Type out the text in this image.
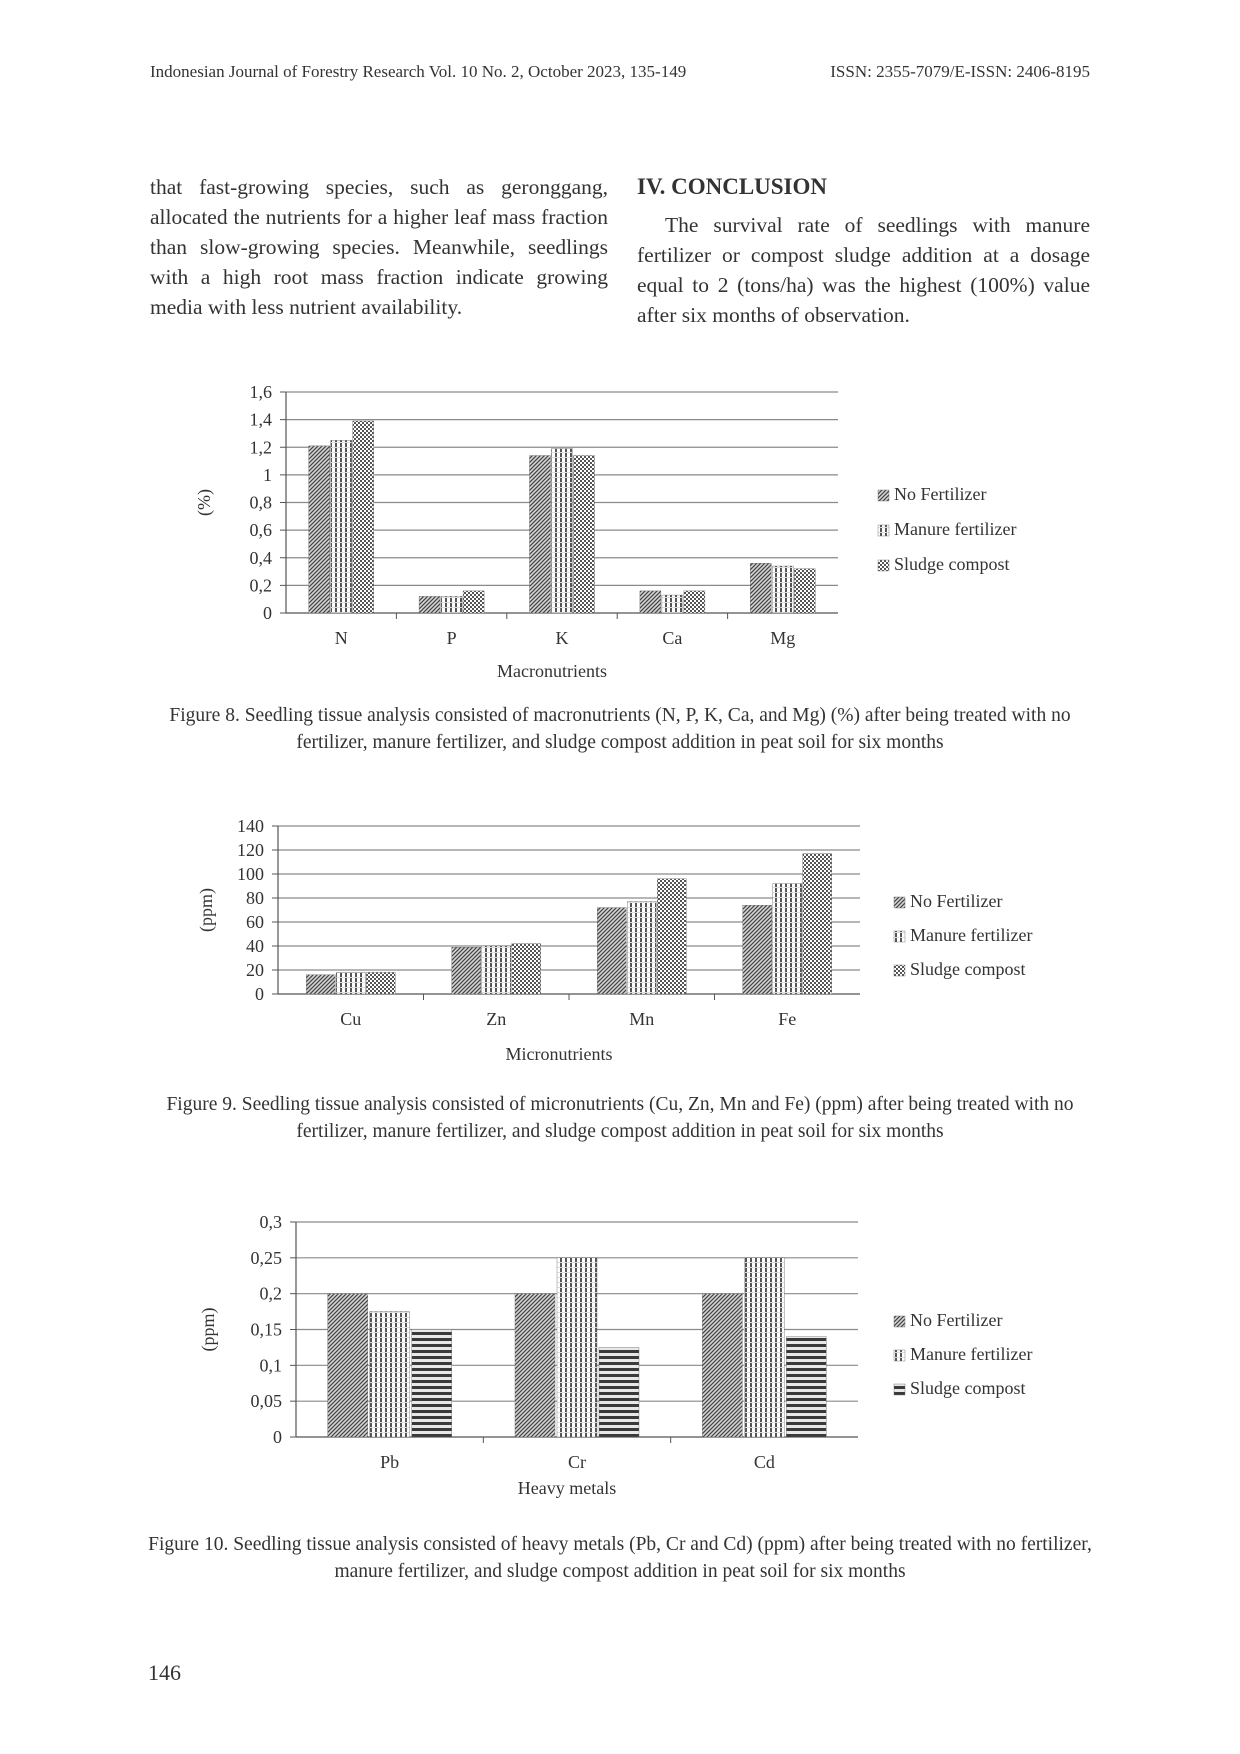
Indonesian Journal of Forestry Research Vol. 10 No. 2, October 2023, 135-149	ISSN: 2355-7079/E-ISSN: 2406-8195
that fast-growing species, such as geronggang, allocated the nutrients for a higher leaf mass fraction than slow-growing species. Meanwhile, seedlings with a high root mass fraction indicate growing media with less nutrient availability.
IV. CONCLUSION

The survival rate of seedlings with manure fertilizer or compost sludge addition at a dosage equal to 2 (tons/ha) was the highest (100%) value after six months of observation.

0
0,2
0,4
0,6
0,8
1
1,2
1,4
1,6
N	P	K	Ca	Mg
Macronutrients
(%)	No Fertilizer
Manure fertilizer
Sludge compost
0
20
40
60
80
100
120
140
Cu	Zn	Mn	Fe
Micronutrients
(ppm)	No Fertilizer
Manure fertilizer
Sludge compost
0
0,05
0,1
0,15
0,2
0,25
0,3
Pb	Cr	Cd
Heavy metals
(ppm)	No Fertilizer
Manure fertilizer
Sludge compost
Figure 8. Seedling tissue analysis consisted of macronutrients (N, P, K, Ca, and Mg) (%) after being treated with no fertilizer, manure fertilizer, and sludge compost addition in peat soil for six months
Figure 9. Seedling tissue analysis consisted of micronutrients (Cu, Zn, Mn and Fe) (ppm) after being treated with no fertilizer, manure fertilizer, and sludge compost addition in peat soil for six months
Figure 10. Seedling tissue analysis consisted of heavy metals (Pb, Cr and Cd) (ppm) after being treated with no fertilizer, manure fertilizer, and sludge compost addition in peat soil for six months
146
